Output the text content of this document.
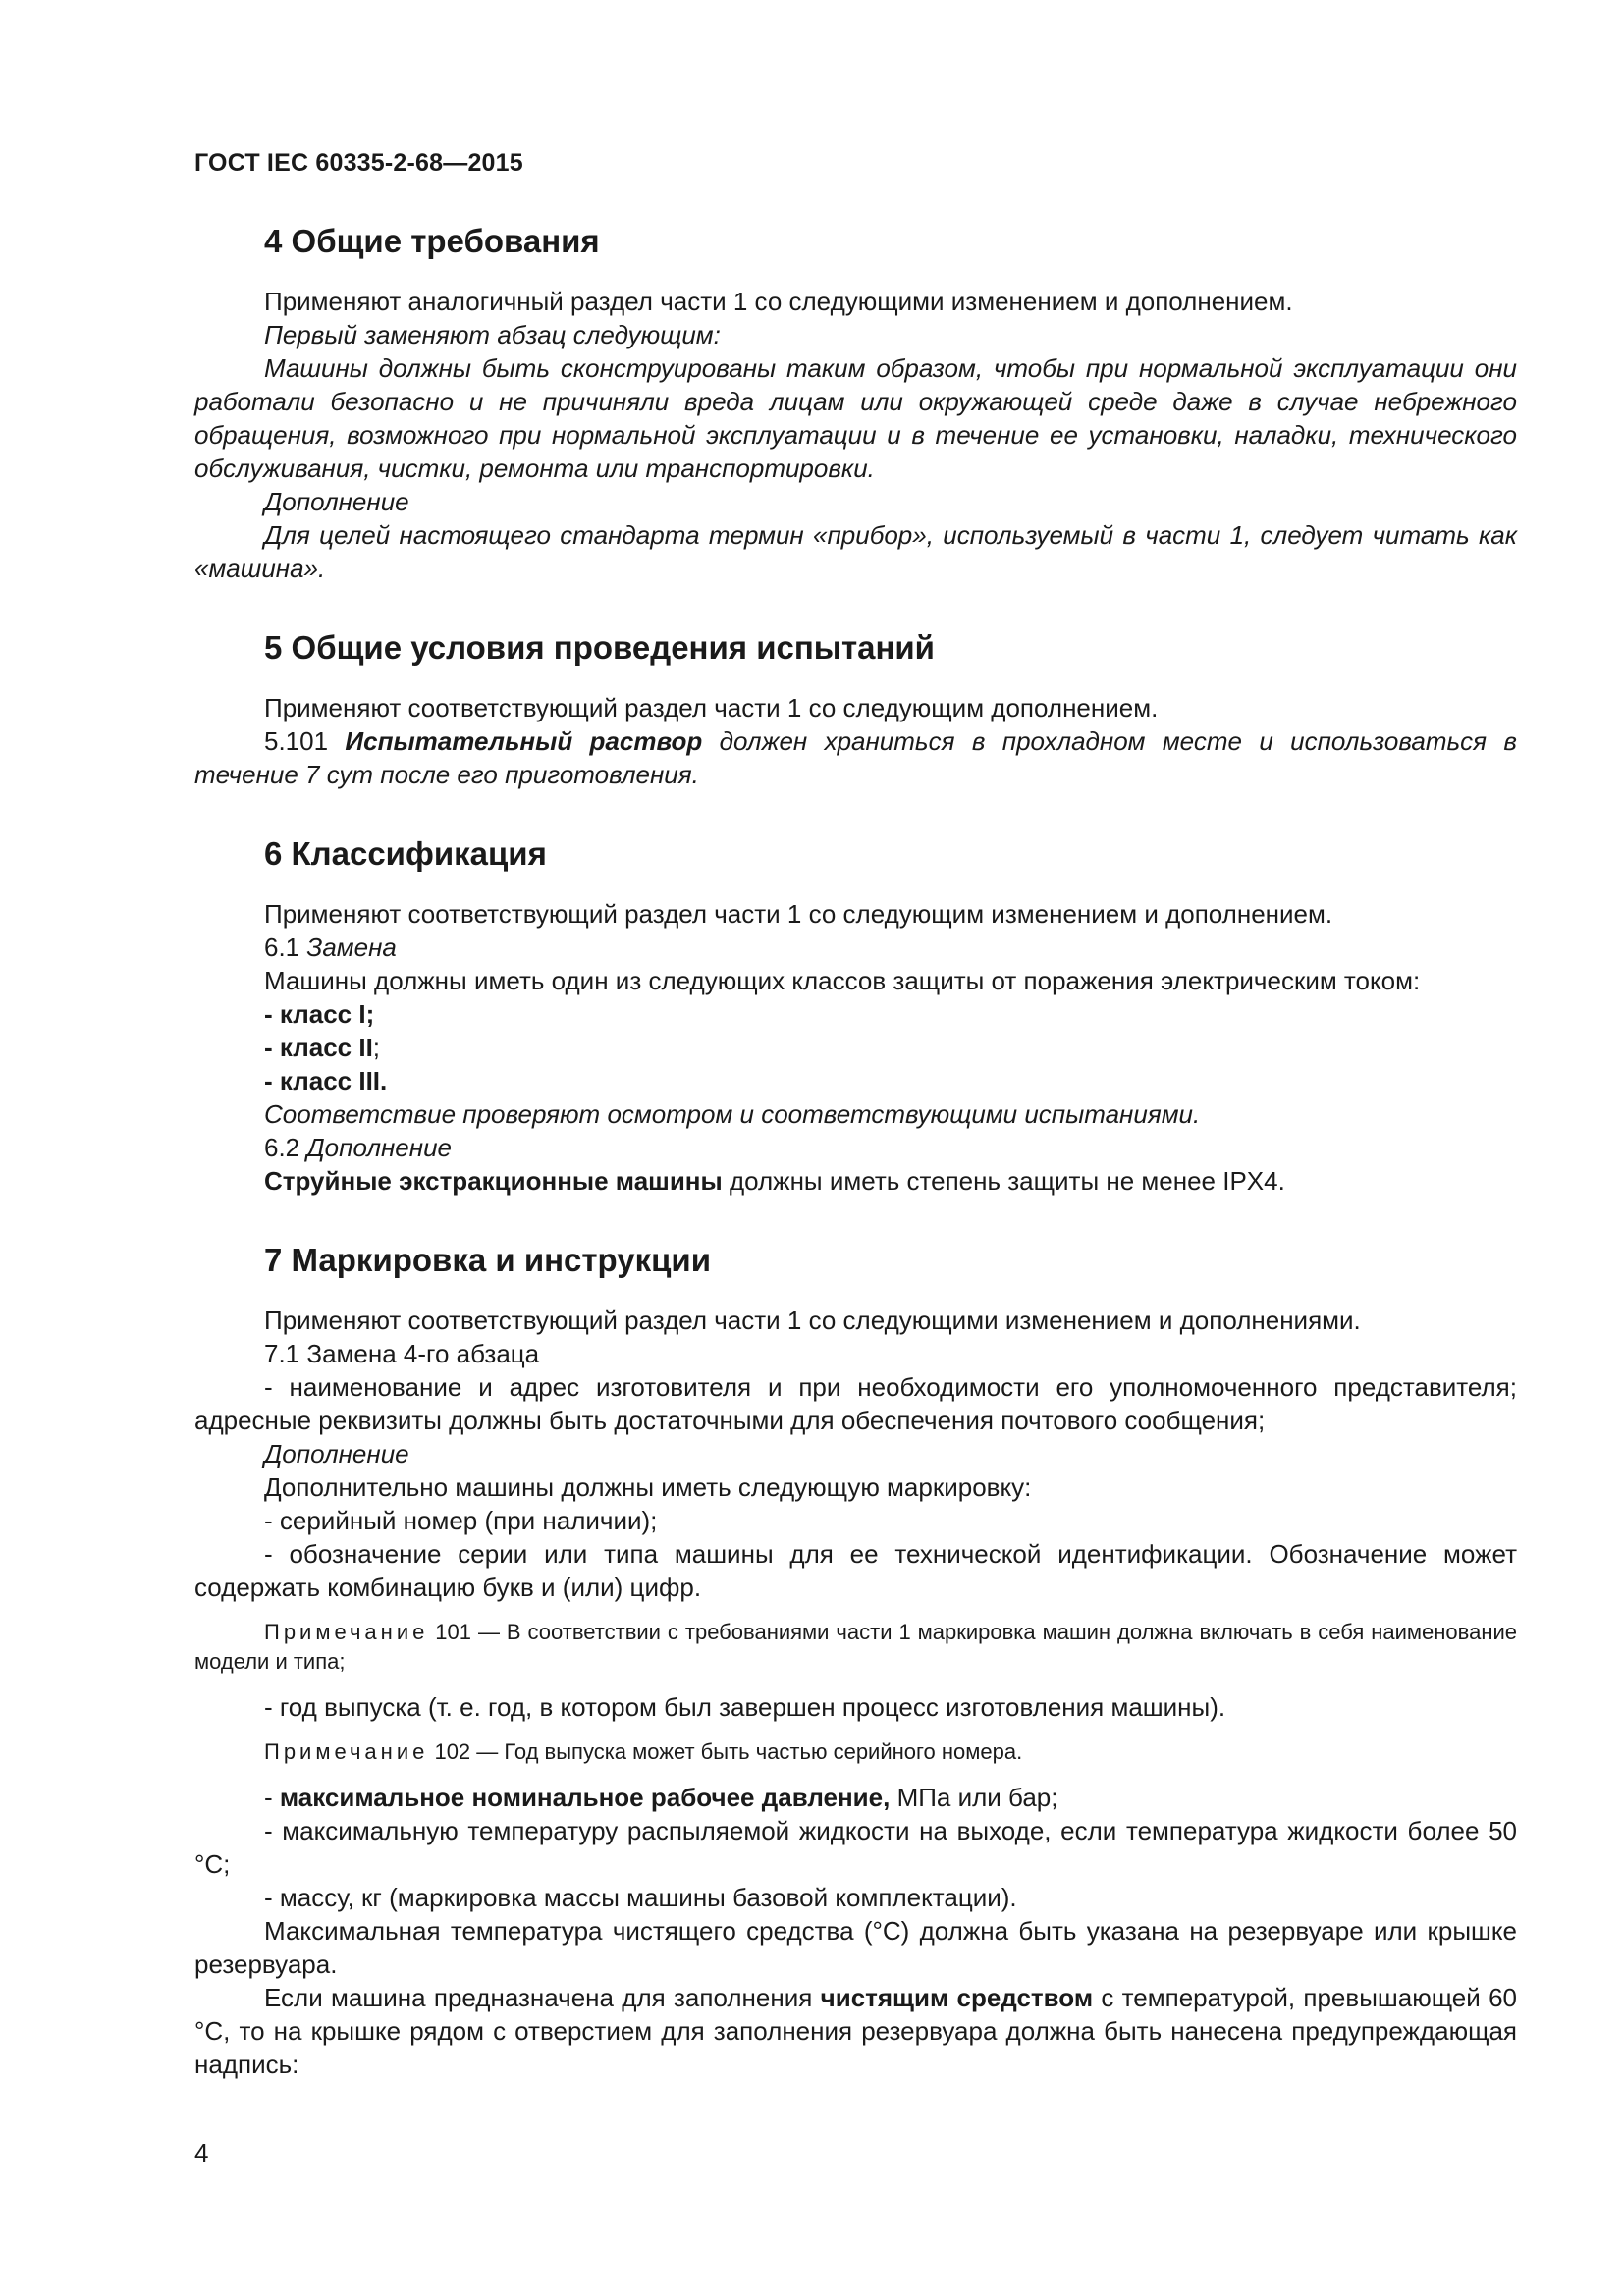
ГОСТ IEC 60335-2-68—2015
4 Общие требования

Применяют аналогичный раздел части 1 со следующими изменением и дополнением.

Первый заменяют абзац следующим:

Машины должны быть сконструированы таким образом, чтобы при нормальной эксплуатации они работали безопасно и не причиняли вреда лицам или окружающей среде даже в случае небрежного обращения, возможного при нормальной эксплуатации и в течение ее установки, наладки, технического обслуживания, чистки, ремонта или транспортировки.

Дополнение

Для целей настоящего стандарта термин «прибор», используемый в части 1, следует читать как «машина».

5 Общие условия проведения испытаний

Применяют соответствующий раздел части 1 со следующим дополнением.

5.101 Испытательный раствор должен храниться в прохладном месте и использоваться в течение 7 сут после его приготовления.

6 Классификация

Применяют соответствующий раздел части 1 со следующим изменением и дополнением.

6.1 Замена

Машины должны иметь один из следующих классов защиты от поражения электрическим током:

- класс I;

- класс II;

- класс III.

Соответствие проверяют осмотром и соответствующими испытаниями.

6.2 Дополнение

Струйные экстракционные машины должны иметь степень защиты не менее IPX4.

7 Маркировка и инструкции

Применяют соответствующий раздел части 1 со следующими изменением и дополнениями.

7.1 Замена 4-го абзаца

- наименование и адрес изготовителя и при необходимости его уполномоченного представителя; адресные реквизиты должны быть достаточными для обеспечения почтового сообщения;

Дополнение

Дополнительно машины должны иметь следующую маркировку:

- серийный номер (при наличии);

- обозначение серии или типа машины для ее технической идентификации. Обозначение может содержать комбинацию букв и (или) цифр.

Примечание 101 — В соответствии с требованиями части 1 маркировка машин должна включать в себя наименование модели и типа;

- год выпуска (т. е. год, в котором был завершен процесс изготовления машины).

Примечание 102 — Год выпуска может быть частью серийного номера.

- максимальное номинальное рабочее давление, МПа или бар;

- максимальную температуру распыляемой жидкости на выходе, если температура жидкости более 50 °С;

- массу, кг (маркировка массы машины базовой комплектации).

Максимальная температура чистящего средства (°С) должна быть указана на резервуаре или крышке резервуара.

Если машина предназначена для заполнения чистящим средством с температурой, превышающей 60 °С, то на крышке рядом с отверстием для заполнения резервуара должна быть нанесена предупреждающая надпись:

4
